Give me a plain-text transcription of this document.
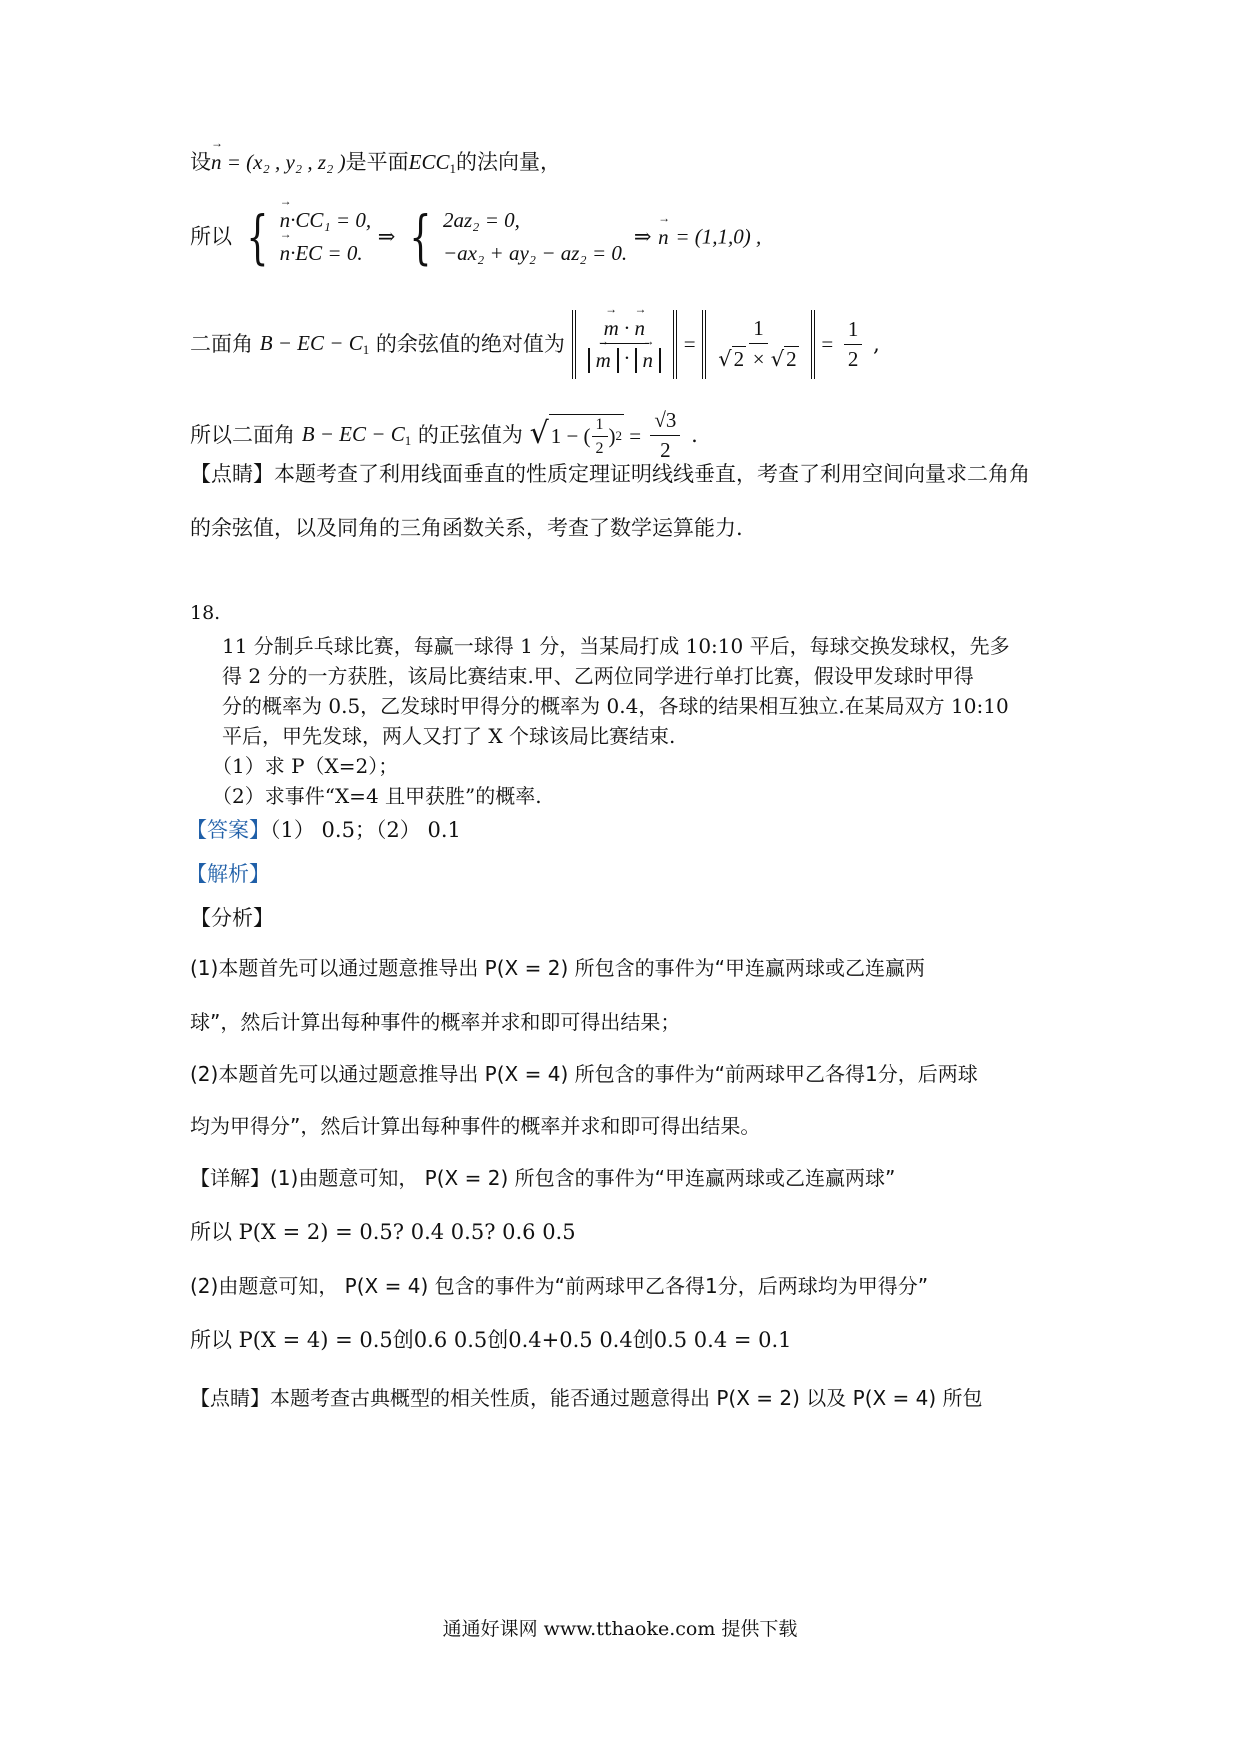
设→ n = (x₂ , y₂ , z₂ )是平面$ECC_1$的法向量，
所以 { → n·CC₁ = 0,
→ n·EC = 0.
⇒ { 2az₂ = 0,
−ax₂ + ay₂ − az₂ = 0.
⇒ → n = (1,1,0) ,
二面角 B − EC − $C_1$ 的余弦值的绝对值为 → m · → n
→ m · → $n = \frac{1}{√2 \times √2} = \frac{1}{2}$ ,
所以二面角 B − EC − $C_1$ 的正弦值为 √1 − ( $\frac{1}{2}$ ) $2 = \frac{√3}{2}$ .
【点睛】本题考查了利用线面垂直的性质定理证明线线垂直，考查了利用空间向量求二角角
的余弦值，以及同角的三角函数关系，考查了数学运算能力.
18.
11 分制乒乓球比赛，每赢一球得 1 分，当某局打成 10:10 平后，每球交换发球权，先多
得 2 分的一方获胜，该局比赛结束.甲、乙两位同学进行单打比赛，假设甲发球时甲得
分的概率为 0.5，乙发球时甲得分的概率为 0.4，各球的结果相互独立.在某局双方 10:10
平后，甲先发球，两人又打了 X 个球该局比赛结束.
（1）求 P（X=2）；
（2）求事件“X=4 且甲获胜”的概率.
【答案】（1） 0.5；（2） 0.1
【解析】
【分析】
(1)本题首先可以通过题意推导出 P(X = 2) 所包含的事件为“甲连赢两球或乙连赢两
球”，然后计算出每种事件的概率并求和即可得出结果；
(2)本题首先可以通过题意推导出 P(X = 4) 所包含的事件为“前两球甲乙各得1分，后两球
均为甲得分”，然后计算出每种事件的概率并求和即可得出结果。
【详解】(1)由题意可知， P(X = 2) 所包含的事件为“甲连赢两球或乙连赢两球”
所以 P(X = 2) = 0.5? 0.4 0.5? 0.6 0.5
(2)由题意可知， P(X = 4) 包含的事件为“前两球甲乙各得1分，后两球均为甲得分”
所以 P(X = 4) = 0.5创0.6 0.5创0.4+0.5 0.4创0.5 0.4 = 0.1
【点睛】本题考查古典概型的相关性质，能否通过题意得出 P(X = 2) 以及 P(X = 4) 所包
通通好课网 www.tthaoke.com 提供下载
